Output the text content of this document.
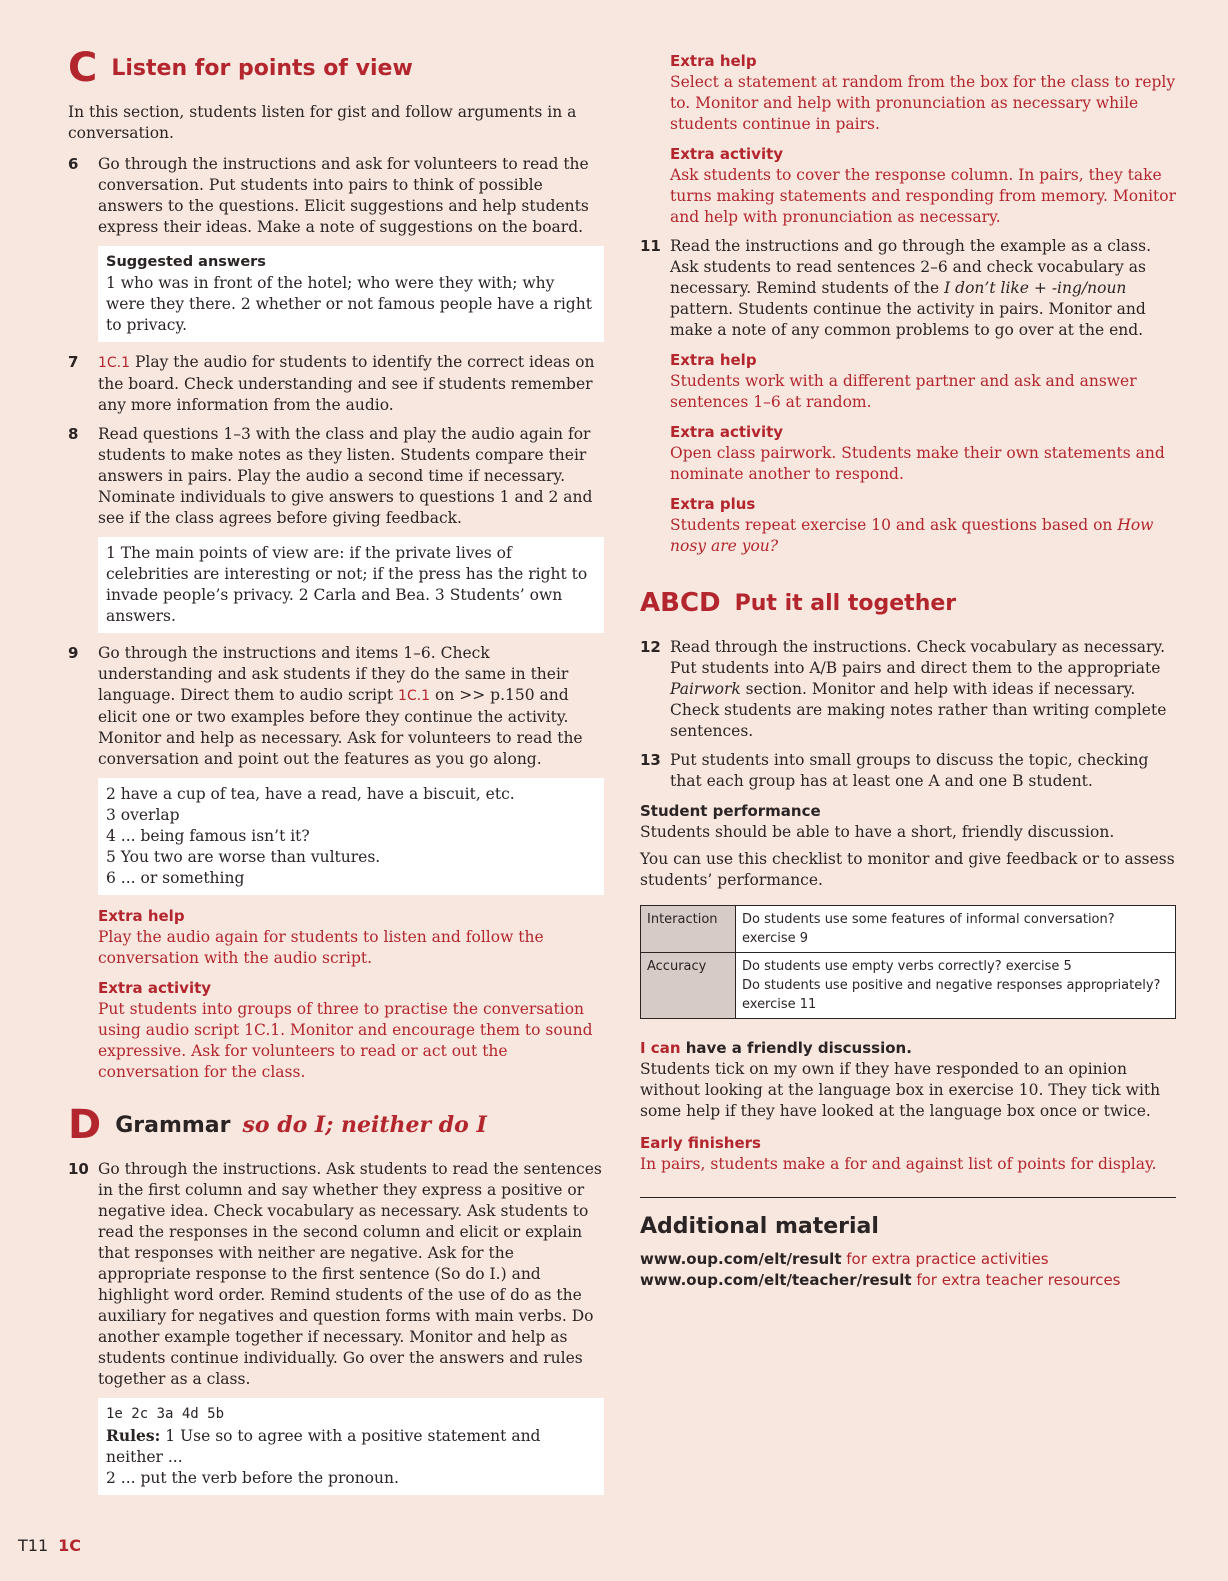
C Listen for points of view

In this section, students listen for gist and follow arguments in a conversation.

6	Go through the instructions and ask for volunteers to read the conversation. Put students into pairs to think of possible answers to the questions. Elicit suggestions and help students express their ideas. Make a note of suggestions on the board.
Suggested answers
1 who was in front of the hotel; who were they with; why were they there. 2 whether or not famous people have a right to privacy.
7	1C.1 Play the audio for students to identify the correct ideas on the board. Check understanding and see if students remember any more information from the audio.
8	Read questions 1–3 with the class and play the audio again for students to make notes as they listen. Students compare their answers in pairs. Play the audio a second time if necessary. Nominate individuals to give answers to questions 1 and 2 and see if the class agrees before giving feedback.
1 The main points of view are: if the private lives of celebrities are interesting or not; if the press has the right to invade people’s privacy. 2 Carla and Bea. 3 Students’ own answers.
9	Go through the instructions and items 1–6. Check understanding and ask students if they do the same in their language. Direct them to audio script 1C.1 on >> p.150 and elicit one or two examples before they continue the activity. Monitor and help as necessary. Ask for volunteers to read the conversation and point out the features as you go along.
2 have a cup of tea, have a read, have a biscuit, etc.
3 overlap
4 ... being famous isn’t it?
5 You two are worse than vultures.
6 ... or something
Extra help
Play the audio again for students to listen and follow the conversation with the audio script.
Extra activity
Put students into groups of three to practise the conversation using audio script 1C.1. Monitor and encourage them to sound expressive. Ask for volunteers to read or act out the conversation for the class.
D Grammar so do I; neither do I
10 Go through the instructions. Ask students to read the sentences in the first column and say whether they express a positive or negative idea. Check vocabulary as necessary. Ask students to read the responses in the second column and elicit or explain that responses with neither are negative. Ask for the appropriate response to the first sentence (So do I.) and highlight word order. Remind students of the use of do as the auxiliary for negatives and question forms with main verbs. Do another example together if necessary. Monitor and help as students continue individually. Go over the answers and rules together as a class.
1e 2c 3a 4d 5b
Rules: 1 Use so to agree with a positive statement and neither ...
2 ... put the verb before the pronoun.
Extra help
Select a statement at random from the box for the class to reply to. Monitor and help with pronunciation as necessary while students continue in pairs.
Extra activity
Ask students to cover the response column. In pairs, they take turns making statements and responding from memory. Monitor and help with pronunciation as necessary.
11 Read the instructions and go through the example as a class. Ask students to read sentences 2–6 and check vocabulary as necessary. Remind students of the I don’t like + -ing/noun pattern. Students continue the activity in pairs. Monitor and make a note of any common problems to go over at the end.
Extra help
Students work with a different partner and ask and answer sentences 1–6 at random.
Extra activity
Open class pairwork. Students make their own statements and nominate another to respond.
Extra plus
Students repeat exercise 10 and ask questions based on How nosy are you?
ABCD Put it all together
12 Read through the instructions. Check vocabulary as necessary. Put students into A/B pairs and direct them to the appropriate Pairwork section. Monitor and help with ideas if necessary. Check students are making notes rather than writing complete sentences.
13 Put students into small groups to discuss the topic, checking that each group has at least one A and one B student.
Student performance

Students should be able to have a short, friendly discussion.

You can use this checklist to monitor and give feedback or to assess students’ performance.

Interaction	Do students use some features of informal conversation?
exercise 9

Accuracy	Do students use empty verbs correctly? exercise 5
Do students use positive and negative responses appropriately?
exercise 11
I can have a friendly discussion.

Students tick on my own if they have responded to an opinion without looking at the language box in exercise 10. They tick with some help if they have looked at the language box once or twice.

Early finishers
In pairs, students make a for and against list of points for display.
Additional material
www.oup.com/elt/result for extra practice activities
www.oup.com/elt/teacher/result for extra teacher resources
T11 1C
